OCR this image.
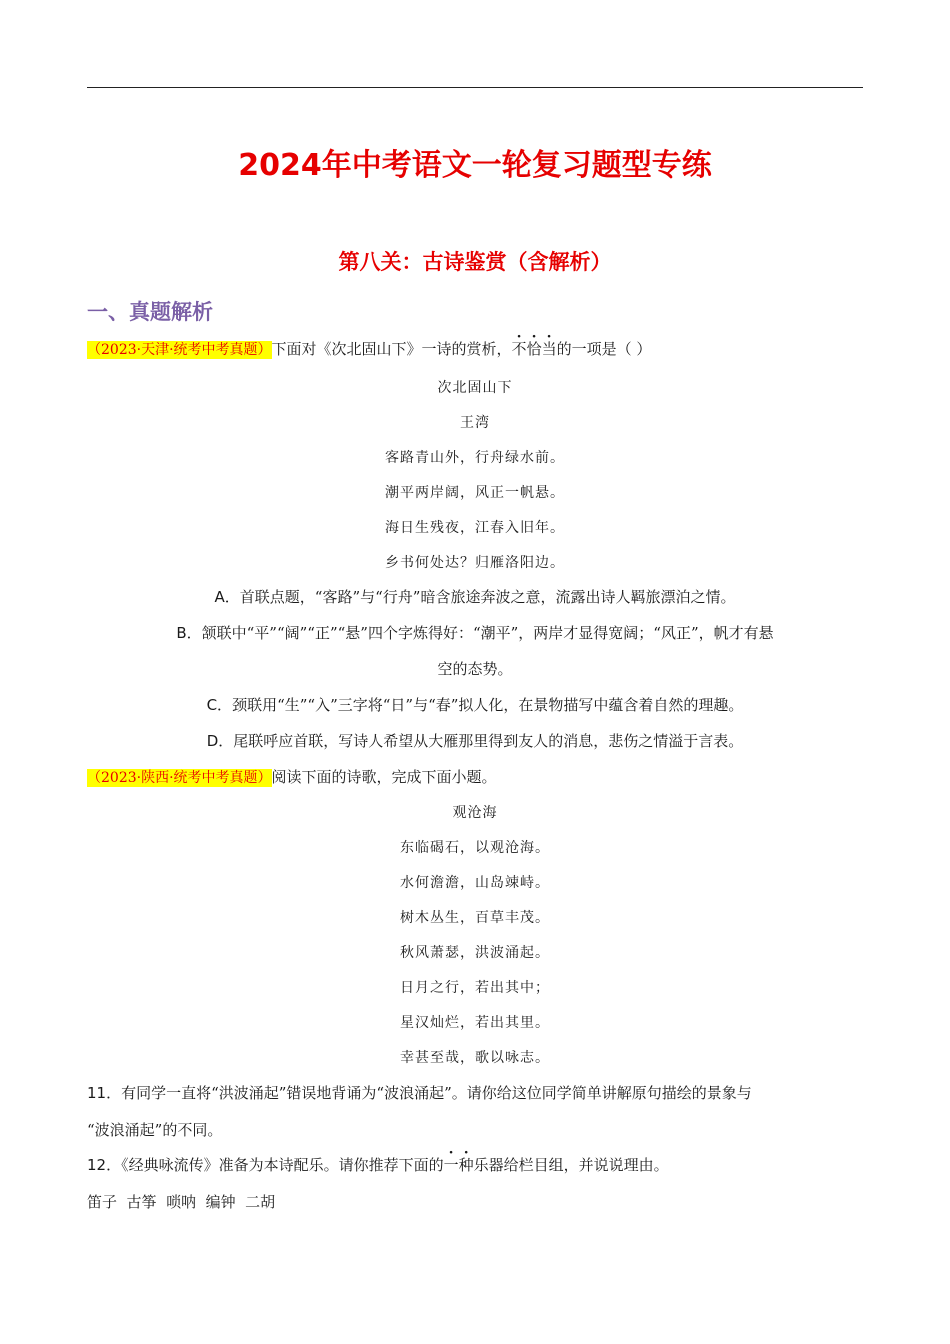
2024年中考语文一轮复习题型专练
第八关：古诗鉴赏（含解析）
一、真题解析
（2023·天津·统考中考真题）下面对《次北固山下》一诗的赏析，不恰当的一项是（ ）
次北固山下
王湾
客路青山外，行舟绿水前。
潮平两岸阔，风正一帆悬。
海日生残夜，江春入旧年。
乡书何处达？归雁洛阳边。
A．首联点题，“客路”与“行舟”暗含旅途奔波之意，流露出诗人羁旅漂泊之情。
B．颔联中“平”“阔”“正”“悬”四个字炼得好：“潮平”，两岸才显得宽阔；“风正”，帆才有悬
空的态势。
C．颈联用“生”“入”三字将“日”与“春”拟人化，在景物描写中蕴含着自然的理趣。
D．尾联呼应首联，写诗人希望从大雁那里得到友人的消息，悲伤之情溢于言表。
（2023·陕西·统考中考真题）阅读下面的诗歌，完成下面小题。
观沧海
东临碣石，以观沧海。
水何澹澹，山岛竦峙。
树木丛生，百草丰茂。
秋风萧瑟，洪波涌起。
日月之行，若出其中；
星汉灿烂，若出其里。
幸甚至哉，歌以咏志。
11．有同学一直将“洪波涌起”错误地背诵为“波浪涌起”。请你给这位同学简单讲解原句描绘的景象与
“波浪涌起”的不同。
12．《经典咏流传》准备为本诗配乐。请你推荐下面的一种乐器给栏目组，并说说理由。
笛子  古筝  唢呐  编钟  二胡
